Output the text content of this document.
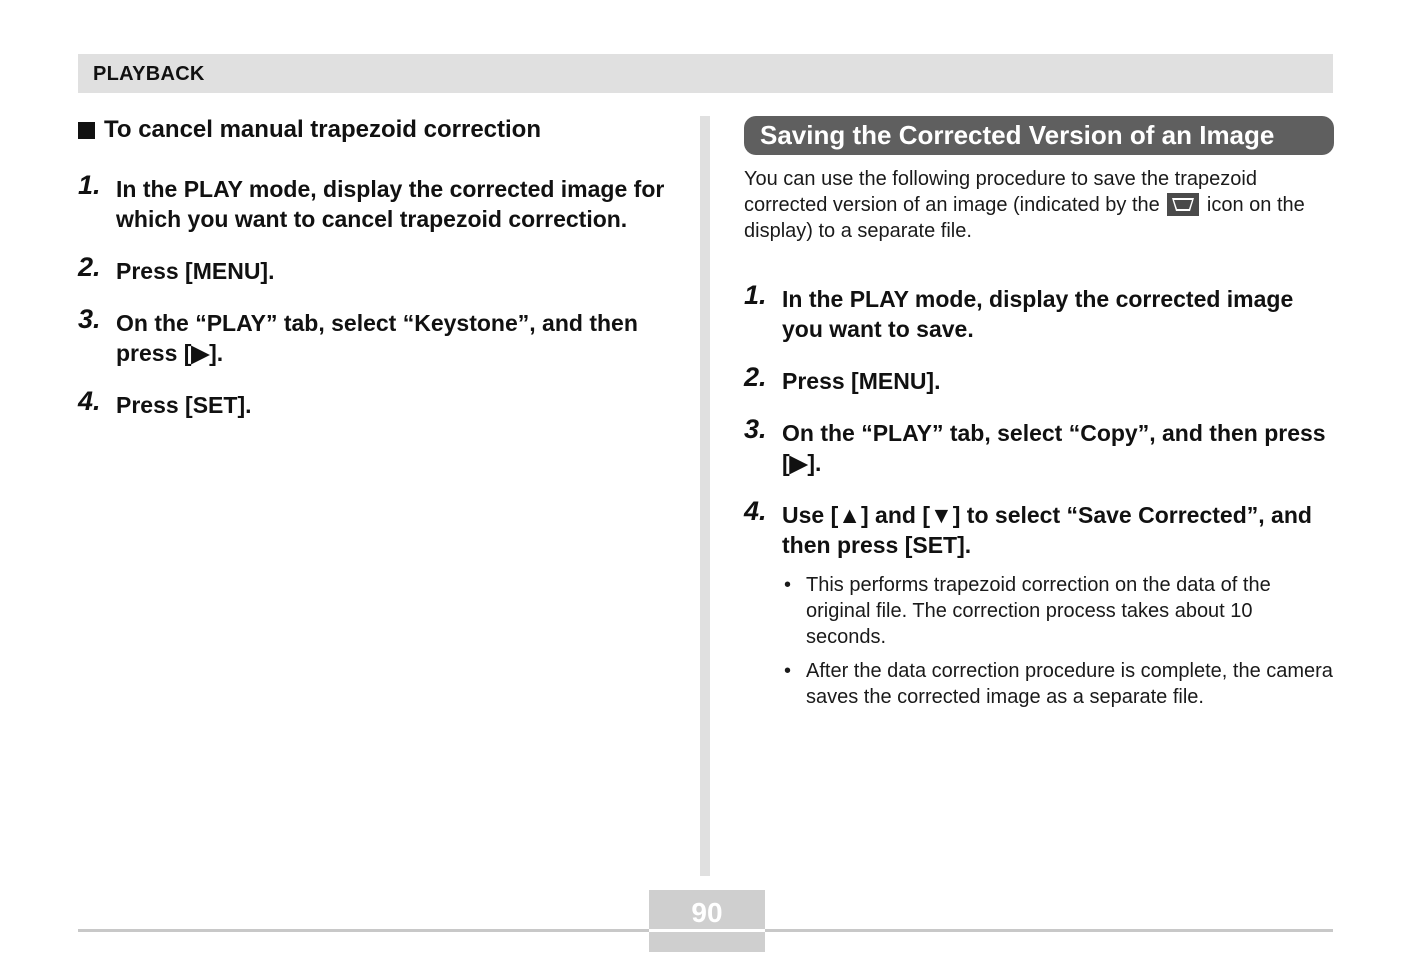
PLAYBACK
To cancel manual trapezoid correction
1. In the PLAY mode, display the corrected image for which you want to cancel trapezoid correction.
2. Press [MENU].
3. On the “PLAY” tab, select “Keystone”, and then press [▶].
4. Press [SET].
Saving the Corrected Version of an Image
You can use the following procedure to save the trapezoid corrected version of an image (indicated by the icon on the display) to a separate file.
1. In the PLAY mode, display the corrected image you want to save.
2. Press [MENU].
3. On the “PLAY” tab, select “Copy”, and then press [▶].
4. Use [▲] and [▼] to select “Save Corrected”, and then press [SET].
• This performs trapezoid correction on the data of the original file. The correction process takes about 10 seconds.
• After the data correction procedure is complete, the camera saves the corrected image as a separate file.
90
